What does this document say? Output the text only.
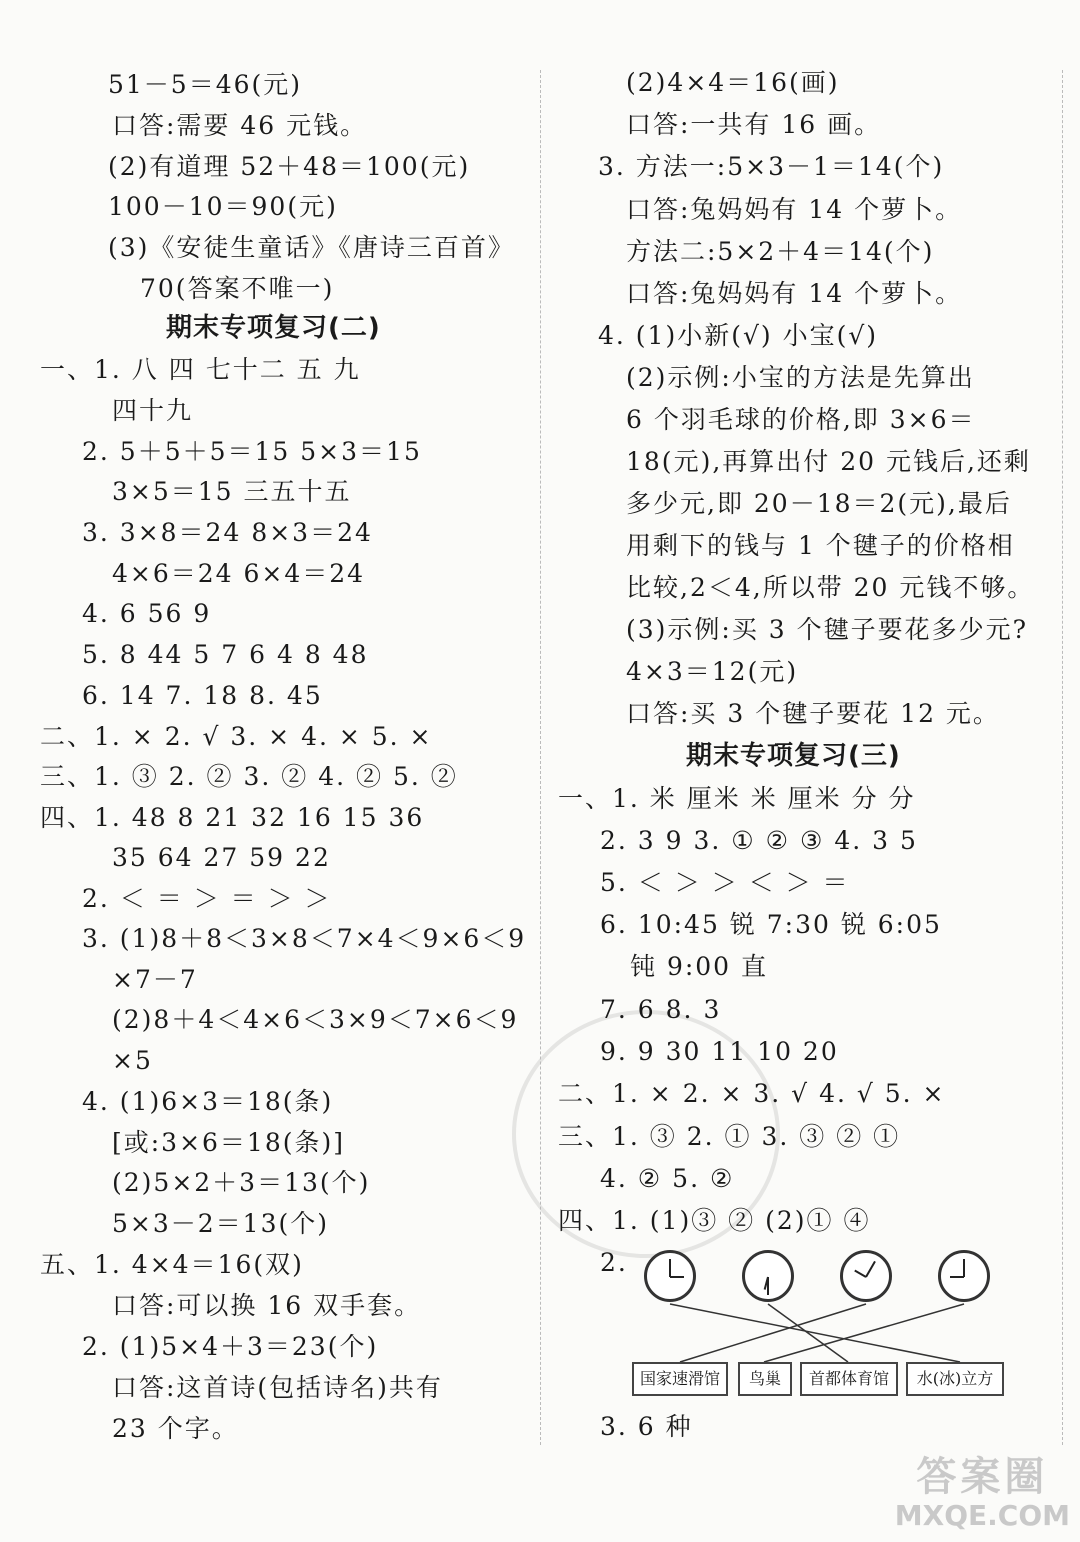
51－5＝46(元)
口答:需要 46 元钱。
(2)有道理 52＋48＝100(元)
100－10＝90(元)
(3)《安徒生童话》《唐诗三百首》
70(答案不唯一)
一、1. 八 四 七十二 五 九
四十九
2. 5＋5＋5＝15 5×3＝15
3×5＝15 三五十五
3. 3×8＝24 8×3＝24
4×6＝24 6×4＝24
4. 6 56 9
5. 8 44 5 7 6 4 8 48
6. 14 7. 18 8. 45
二、1. × 2. √ 3. × 4. × 5. ×
三、1. ③ 2. ② 3. ② 4. ② 5. ②
四、1. 48 8 21 32 16 15 36
35 64 27 59 22
2. ＜ ＝ ＞ ＝ ＞ ＞
3. (1)8＋8＜3×8＜7×4＜9×6＜9
×7－7
(2)8＋4＜4×6＜3×9＜7×6＜9
×5
4. (1)6×3＝18(条)
[或:3×6＝18(条)]
(2)5×2＋3＝13(个)
5×3－2＝13(个)
五、1. 4×4＝16(双)
口答:可以换 16 双手套。
2. (1)5×4＋3＝23(个)
口答:这首诗(包括诗名)共有
23 个字。
(2)4×4＝16(画)
口答:一共有 16 画。
3. 方法一:5×3－1＝14(个)
口答:兔妈妈有 14 个萝卜。
方法二:5×2＋4＝14(个)
口答:兔妈妈有 14 个萝卜。
4. (1)小新(√) 小宝(√)
(2)示例:小宝的方法是先算出
6 个羽毛球的价格,即 3×6＝
18(元),再算出付 20 元钱后,还剩
多少元,即 20－18＝2(元),最后
用剩下的钱与 1 个毽子的价格相
比较,2＜4,所以带 20 元钱不够。
(3)示例:买 3 个毽子要花多少元?
4×3＝12(元)
口答:买 3 个毽子要花 12 元。
一、1. 米 厘米 米 厘米 分 分
2. 3 9 3. ① ② ③ 4. 3 5
5. ＜ ＞ ＞ ＜ ＞ ＝
6. 10:45 锐 7:30 锐 6:05
钝 9:00 直
7. 6 8. 3
9. 9 30 11 10 20
二、1. × 2. × 3. √ 4. √ 5. ×
三、1. ③ 2. ① 3. ③ ② ①
4. ② 5. ②
四、1. (1)③ ② (2)① ④
2.
3. 6 种
期末专项复习(二)
期末专项复习(三)
国家速滑馆	鸟巢	首都体育馆	水(冰)立方
答案圈
MXQE.COM
